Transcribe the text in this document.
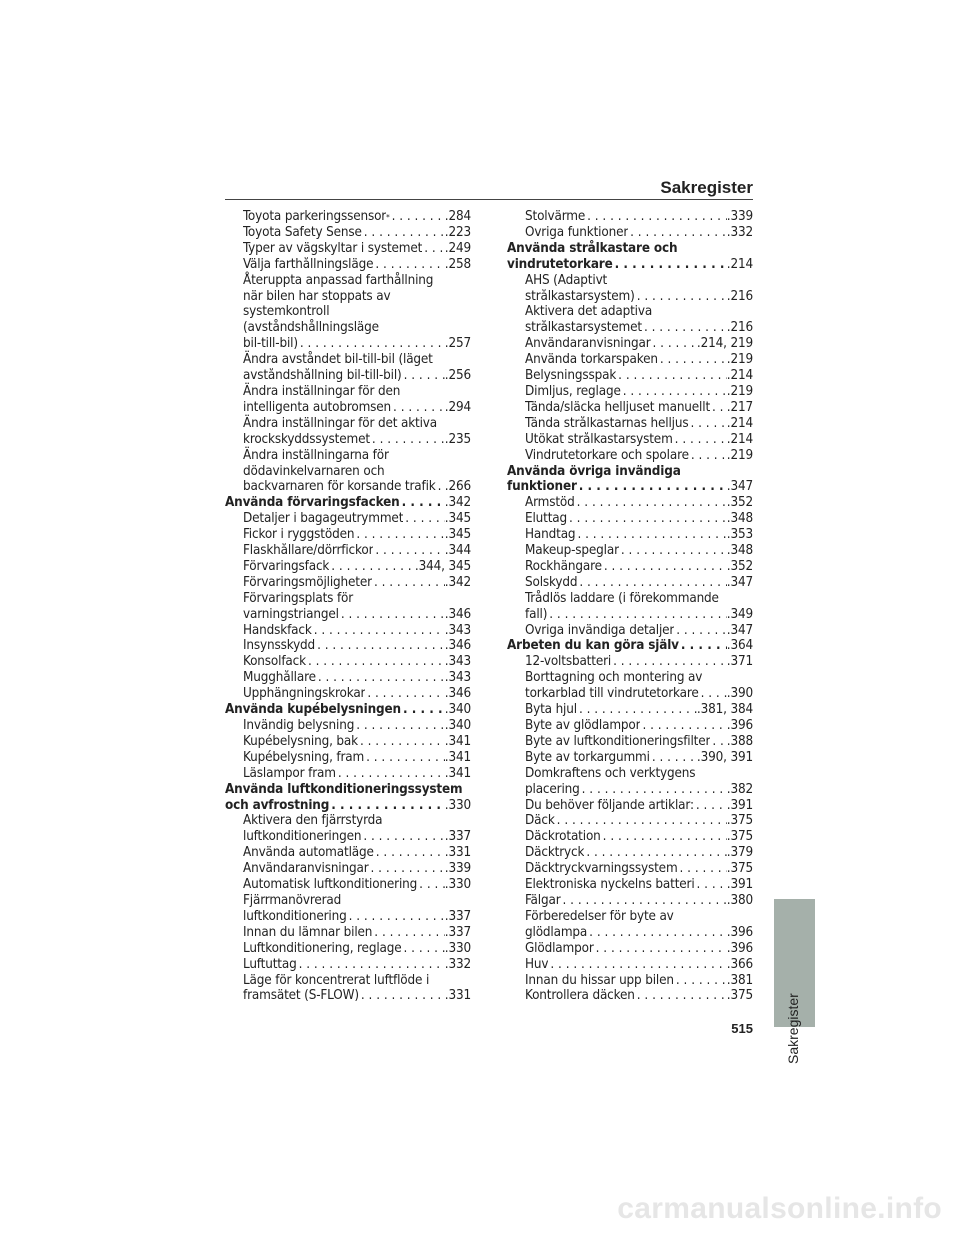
Sakregister
Toyota parkeringssensor * . . .	.284
Toyota Safety Sense . . .	.223
Typer av vägskyltar i systemet . . . .249
Välja farthållningsläge . . .	.258
Återuppta anpassad farthållning
när bilen har stoppats av
systemkontroll
(avståndshållningsläge
bil-till-bil) . . .	.257
Ändra avståndet bil-till-bil (läget
avståndshållning bil-till-bil) . . .	.256
Ändra inställningar för den
intelligenta autobromsen . . .	.294
Ändra inställningar för det aktiva
krockskyddssystemet . . .	.235
Ändra inställningarna för
dödavinkelvarnaren och
backvarnaren för korsande trafik . . . .266
Använda förvaringsfacken . . .	.342
Detaljer i bagageutrymmet . . .	.345
Fickor i ryggstöden . . .	.345
Flaskhållare/dörrfickor . . .	.344
Förvaringsfack . . .	.344, 345
Förvaringsmöjligheter . . .	.342
Förvaringsplats för
varningstriangel . . .	.346
Handskfack . . .	.343
Insynsskydd . . .	.346
Konsolfack . . .	.343
Mugghållare . . .	.343
Upphängningskrokar . . .	.346
Använda kupébelysningen . . .	.340
Invändig belysning . . .	.340
Kupébelysning, bak . . .	.341
Kupébelysning, fram . . .	.341
Läslampor fram . . .	.341
Använda luftkonditioneringssystem
och avfrostning . . .	.330
Aktivera den fjärrstyrda
luftkonditioneringen . . .	.337
Använda automatläge . . .	.331
Användaranvisningar . . .	.339
Automatisk luftkonditionering . . . .330
Fjärrmanövrerad
luftkonditionering . . .	.337
Innan du lämnar bilen . . .	.337
Luftkonditionering, reglage . . .	.330
Luftuttag . . .	.332
Läge för koncentrerat luftflöde i
framsätet (S-FLOW) . . .	.331
Stolvärme . . .	.339
Övriga funktioner . . .	.332
Använda strålkastare och
vindrutetorkare . . .	.214
AHS (Adaptivt
strålkastarsystem) . . .	.216
Aktivera det adaptiva
strålkastarsystemet . . .	.216
Användaranvisningar . . .	.214, 219
Använda torkarspaken . . .	.219
Belysningsspak . . .	.214
Dimljus, reglage . . .	.219
Tända/släcka helljuset manuellt . . . .217
Tända strålkastarnas helljus . . .	.214
Utökat strålkastarsystem . . .	.214
Vindrutetorkare och spolare . . .	.219
Använda övriga invändiga
funktioner . . .	.347
Armstöd . . .	.352
Eluttag . . .	.348
Handtag . . .	.353
Makeup-speglar . . .	.348
Rockhängare . . .	.352
Solskydd . . .	.347
Trådlös laddare (i förekommande
fall) . . .	.349
Övriga invändiga detaljer . . .	.347
Arbeten du kan göra själv . . .	.364
12-voltsbatteri . . .	.371
Borttagning och montering av
torkarblad till vindrutetorkare . . . .390
Byta hjul . . .	.381, 384
Byte av glödlampor . . .	.396
Byte av luftkonditioneringsfilter . . . .388
Byte av torkargummi . . .	.390, 391
Domkraftens och verktygens
placering . . .	.382
Du behöver följande artiklar: . . . .391
Däck . . .	.375
Däckrotation . . .	.375
Däcktryck . . .	.379
Däcktryckvarningssystem . . .	.375
Elektroniska nyckelns batteri . . . .391
Fälgar . . .	.380
Förberedelser för byte av
glödlampa . . .	.396
Glödlampor . . .	.396
Huv . . .	.366
Innan du hissar upp bilen . . .	.381
Kontrollera däcken . . .	.375 Sakregister
515
carmanualsonline.info
